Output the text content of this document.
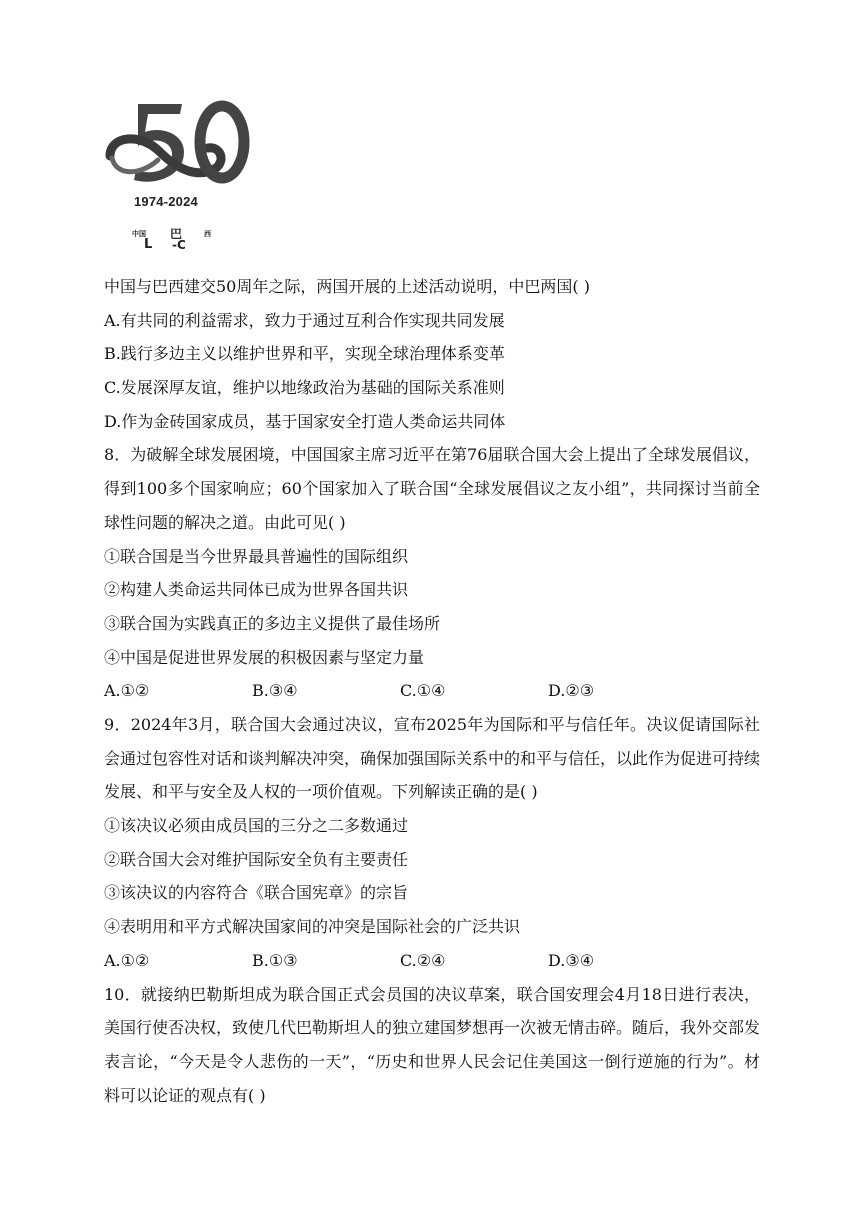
1974-2024
中国
L
巴
-C
西
中国与巴西建交50周年之际，两国开展的上述活动说明，中巴两国( )
A.有共同的利益需求，致力于通过互利合作实现共同发展
B.践行多边主义以维护世界和平，实现全球治理体系变革
C.发展深厚友谊，维护以地缘政治为基础的国际关系准则
D.作为金砖国家成员，基于国家安全打造人类命运共同体
8．为破解全球发展困境，中国国家主席习近平在第76届联合国大会上提出了全球发展倡议，得到100多个国家响应；60个国家加入了联合国“全球发展倡议之友小组”，共同探讨当前全球性问题的解决之道。由此可见( )
①联合国是当今世界最具普遍性的国际组织
②构建人类命运共同体已成为世界各国共识
③联合国为实践真正的多边主义提供了最佳场所
④中国是促进世界发展的积极因素与坚定力量
A.①②	B.③④	C.①④	D.②③
9．2024年3月，联合国大会通过决议，宣布2025年为国际和平与信任年。决议促请国际社会通过包容性对话和谈判解决冲突，确保加强国际关系中的和平与信任，以此作为促进可持续发展、和平与安全及人权的一项价值观。下列解读正确的是( )
①该决议必须由成员国的三分之二多数通过
②联合国大会对维护国际安全负有主要责任
③该决议的内容符合《联合国宪章》的宗旨
④表明用和平方式解决国家间的冲突是国际社会的广泛共识
A.①②	B.①③	C.②④	D.③④
10．就接纳巴勒斯坦成为联合国正式会员国的决议草案，联合国安理会4月18日进行表决，美国行使否决权，致使几代巴勒斯坦人的独立建国梦想再一次被无情击碎。随后，我外交部发表言论，“今天是令人悲伤的一天”，“历史和世界人民会记住美国这一倒行逆施的行为”。材料可以论证的观点有( )
